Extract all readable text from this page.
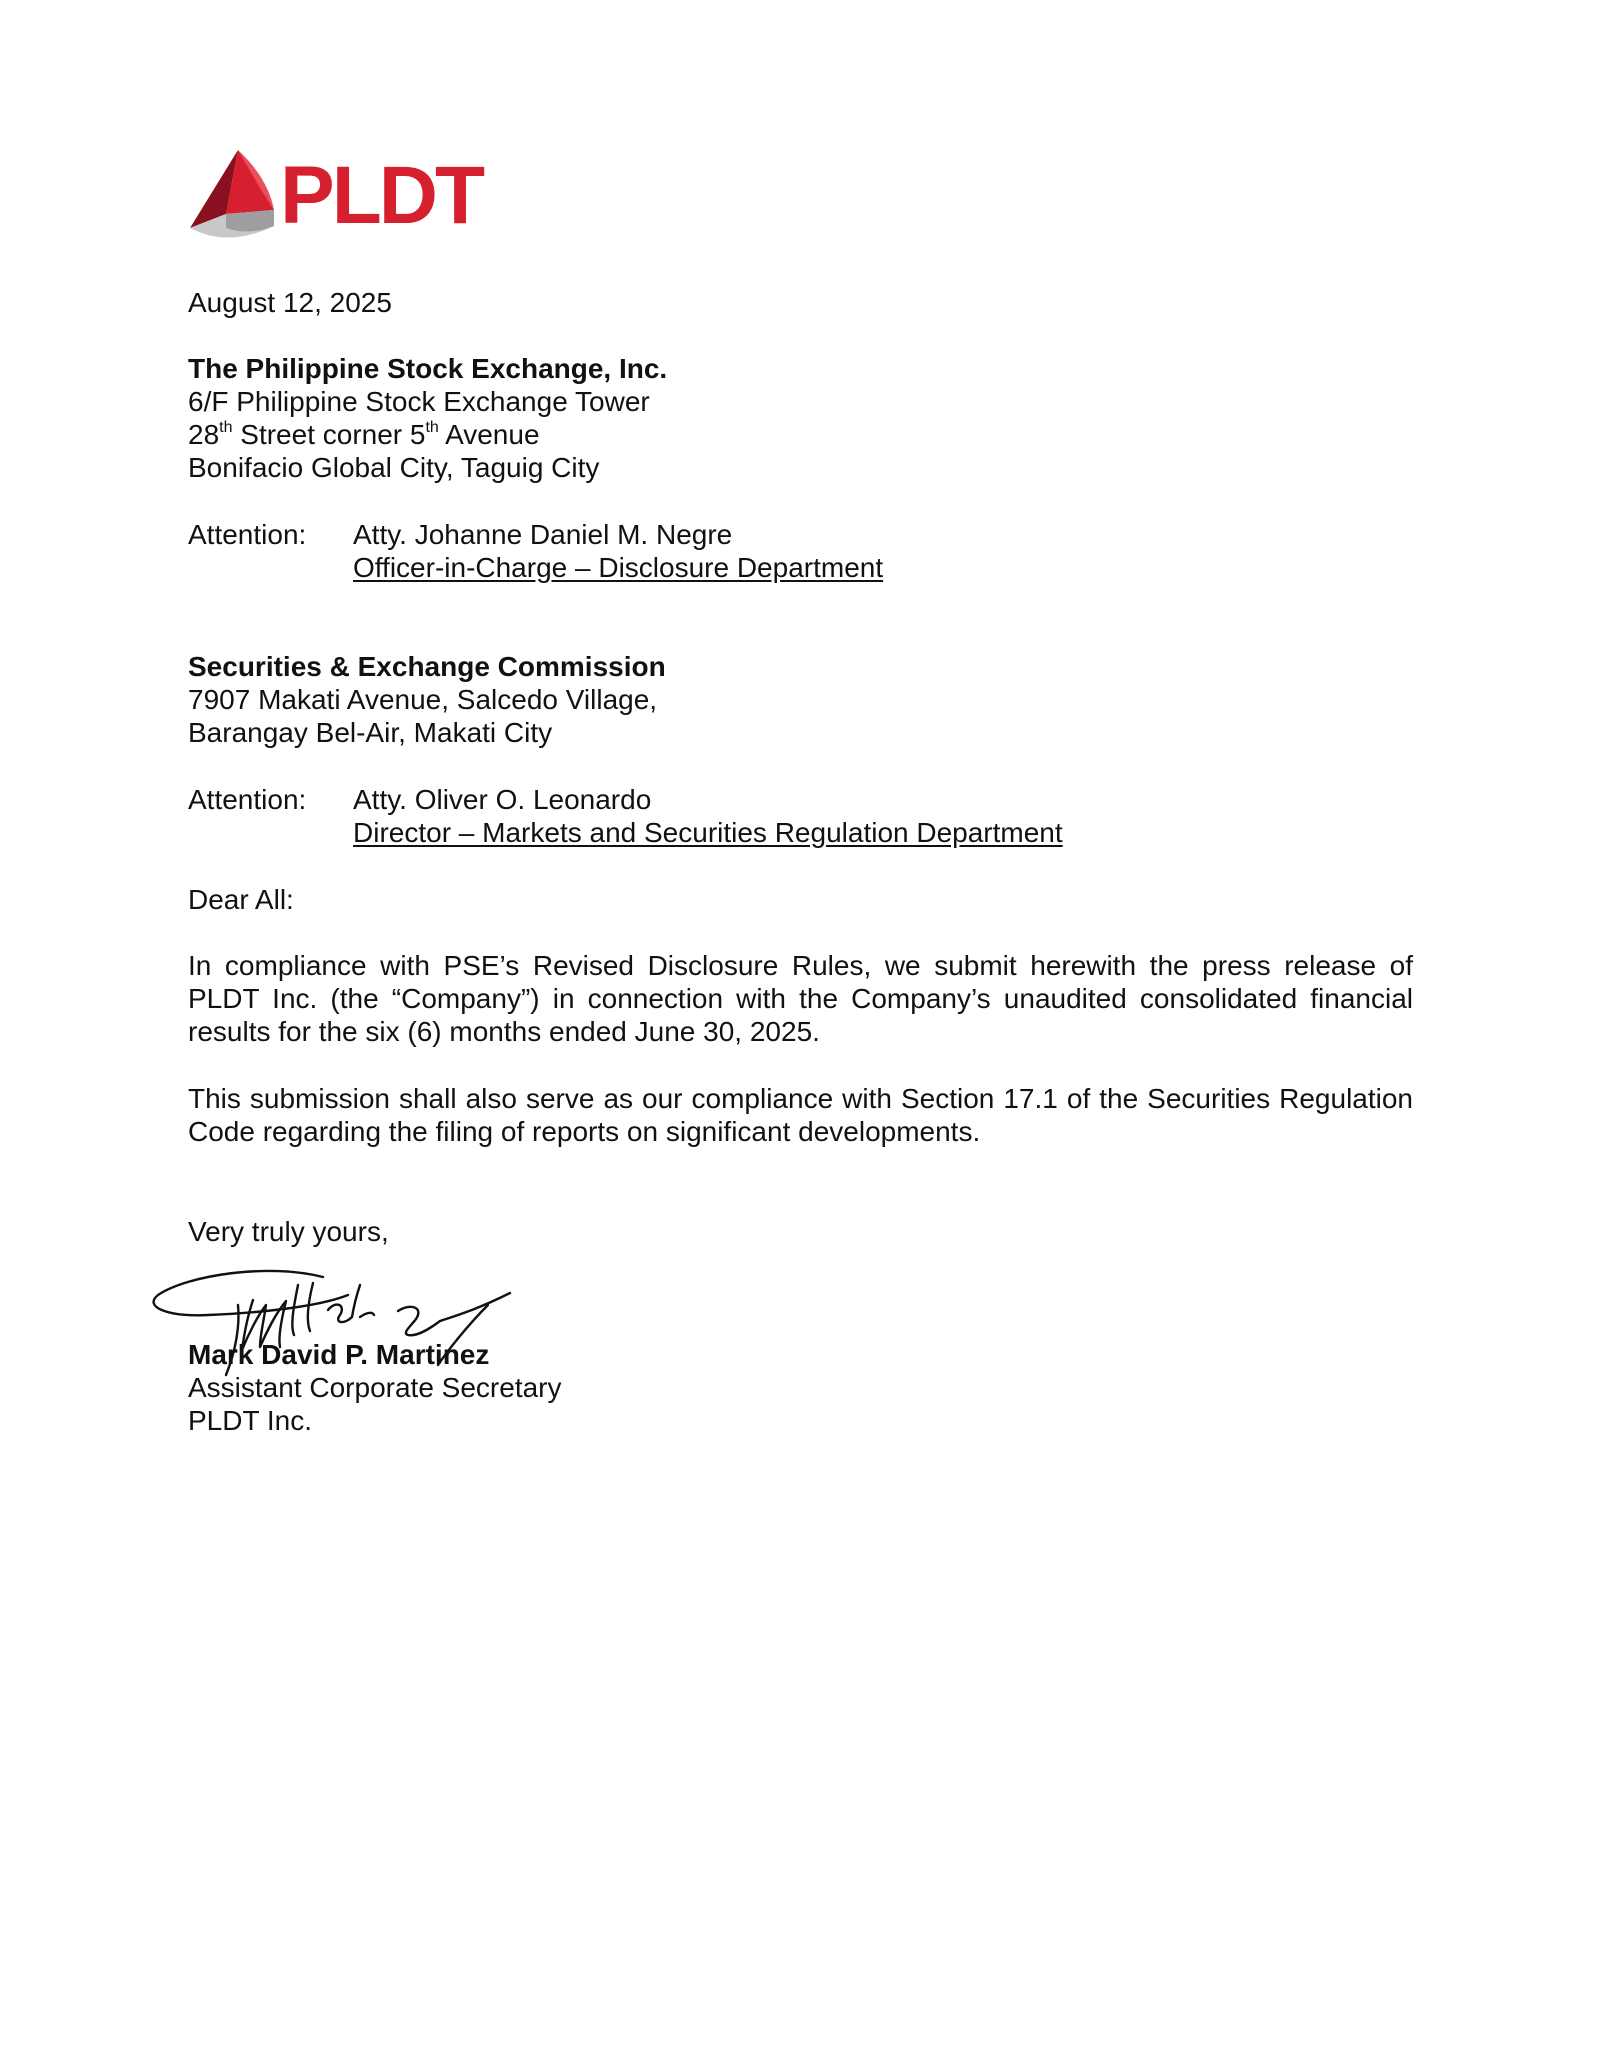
PLDT
August 12, 2025
The Philippine Stock Exchange, Inc.
6/F Philippine Stock Exchange Tower
28th Street corner 5th Avenue
Bonifacio Global City, Taguig City
Attention: Atty. Johanne Daniel M. Negre
Officer-in-Charge – Disclosure Department
Securities & Exchange Commission
7907 Makati Avenue, Salcedo Village,
Barangay Bel-Air, Makati City
Attention: Atty. Oliver O. Leonardo
Director – Markets and Securities Regulation Department
Dear All:
In compliance with PSE’s Revised Disclosure Rules, we submit herewith the press release of PLDT Inc. (the “Company”) in connection with the Company’s unaudited consolidated financial results for the six (6) months ended June 30, 2025.
This submission shall also serve as our compliance with Section 17.1 of the Securities Regulation Code regarding the filing of reports on significant developments.
Very truly yours,
Mark David P. Martinez
Assistant Corporate Secretary
PLDT Inc.
